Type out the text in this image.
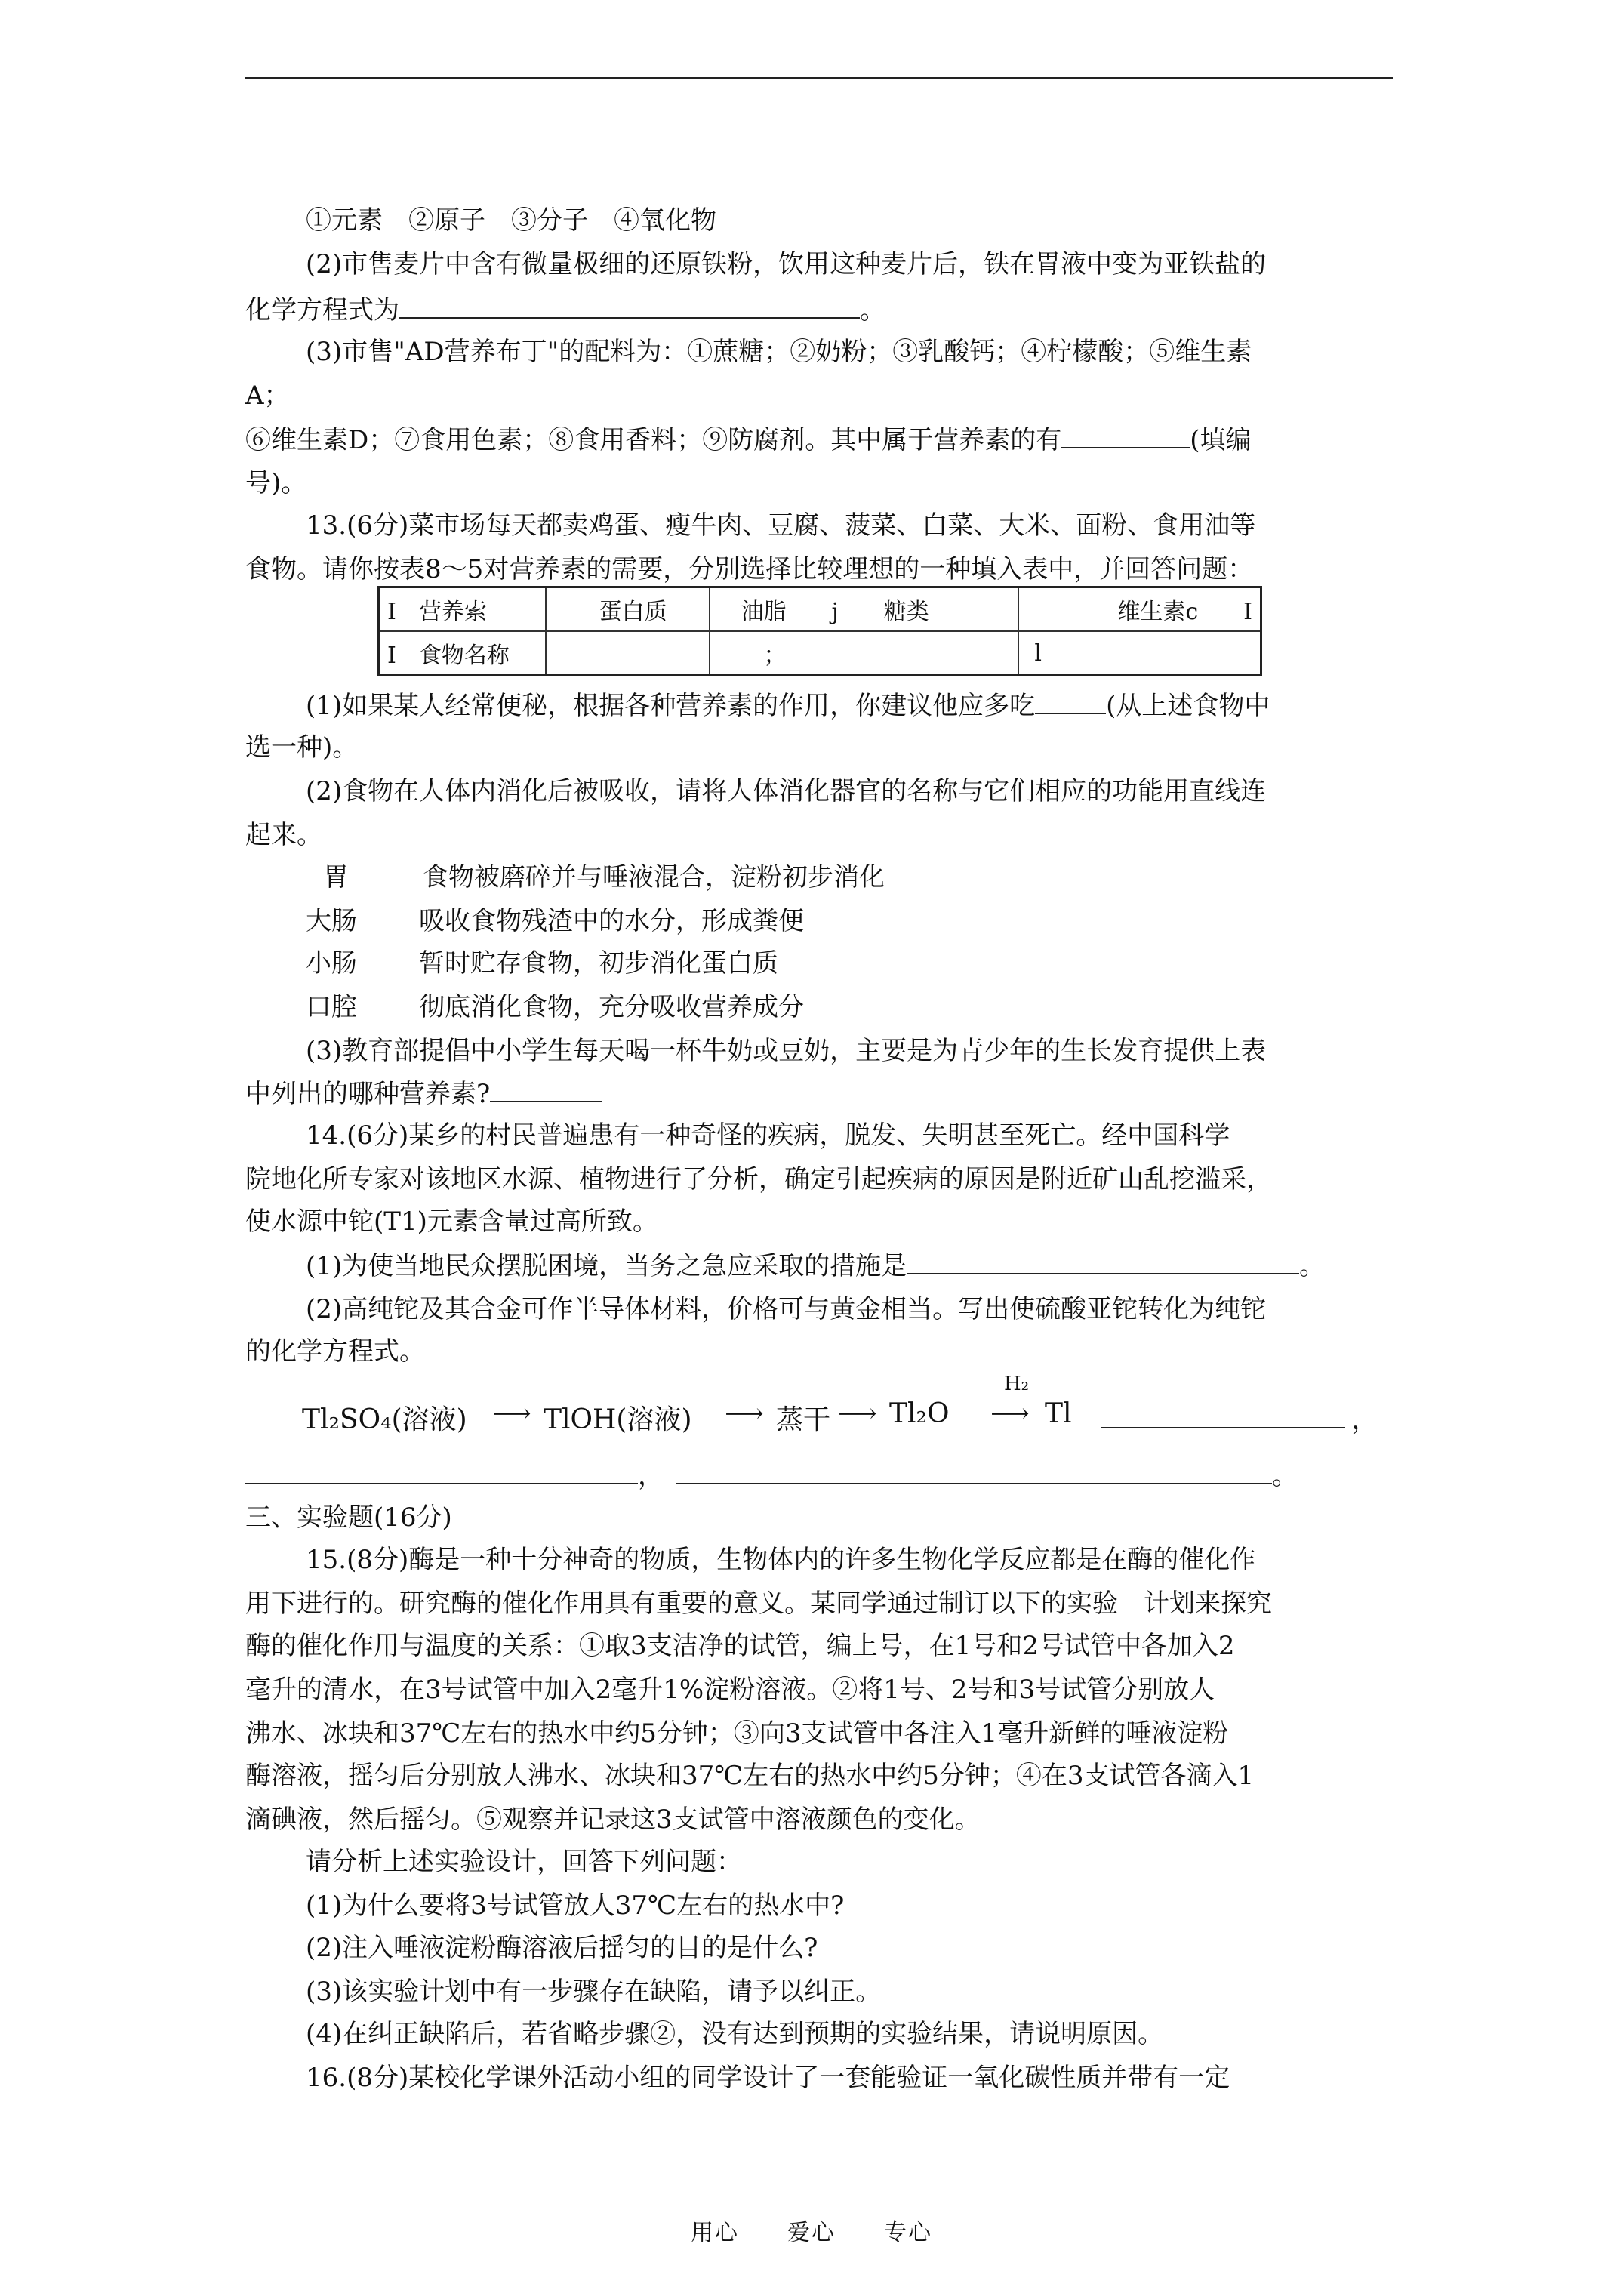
①元素　②原子　③分子　④氧化物
(2)市售麦片中含有微量极细的还原铁粉，饮用这种麦片后，铁在胃液中变为亚铁盐的
化学方程式为	。
(3)市售"AD营养布丁"的配料为：①蔗糖；②奶粉；③乳酸钙；④柠檬酸；⑤维生素
A；
⑥维生素D；⑦食用色素；⑧食用香料；⑨防腐剂。其中属于营养素的有	(填编
号)。
13.(6分)菜市场每天都卖鸡蛋、瘦牛肉、豆腐、菠菜、白菜、大米、面粉、食用油等
食物。请你按表8～5对营养素的需要，分别选择比较理想的一种填入表中，并回答问题：
I　营养索	蛋白质	油脂　　j　　糖类	维生素c　　I
I　食物名称		；	l
(1)如果某人经常便秘，根据各种营养素的作用，你建议他应多吃	(从上述食物中
选一种)。
(2)食物在人体内消化后被吸收，请将人体消化器官的名称与它们相应的功能用直线连
起来。
胃	食物被磨碎并与唾液混合，淀粉初步消化
大肠 吸收食物残渣中的水分，形成粪便
小肠 暂时贮存食物，初步消化蛋白质
口腔 彻底消化食物，充分吸收营养成分
(3)教育部提倡中小学生每天喝一杯牛奶或豆奶，主要是为青少年的生长发育提供上表
中列出的哪种营养素?
14.(6分)某乡的村民普遍患有一种奇怪的疾病，脱发、失明甚至死亡。经中国科学
院地化所专家对该地区水源、植物进行了分析，确定引起疾病的原因是附近矿山乱挖滥采，
使水源中铊(T1)元素含量过高所致。
(1)为使当地民众摆脱困境，当务之急应采取的措施是	。
(2)高纯铊及其合金可作半导体材料，价格可与黄金相当。写出使硫酸亚铊转化为纯铊
的化学方程式。
Tl₂SO₄(溶液) ⟶ TlOH(溶液) ⟶ 蒸干 ⟶ Tl₂O
H₂
⟶ Tl	，
，	。
三、实验题(16分)
15.(8分)酶是一种十分神奇的物质，生物体内的许多生物化学反应都是在酶的催化作
用下进行的。研究酶的催化作用具有重要的意义。某同学通过制订以下的实验　计划来探究
酶的催化作用与温度的关系：①取3支洁净的试管，编上号，在1号和2号试管中各加入2
毫升的清水，在3号试管中加入2毫升1%淀粉溶液。②将1号、2号和3号试管分别放人
沸水、冰块和37℃左右的热水中约5分钟；③向3支试管中各注入1毫升新鲜的唾液淀粉
酶溶液，摇匀后分别放人沸水、冰块和37℃左右的热水中约5分钟；④在3支试管各滴入1
滴碘液，然后摇匀。⑤观察并记录这3支试管中溶液颜色的变化。
请分析上述实验设计，回答下列问题：
(1)为什么要将3号试管放人37℃左右的热水中?
(2)注入唾液淀粉酶溶液后摇匀的目的是什么?
(3)该实验计划中有一步骤存在缺陷，请予以纠正。
(4)在纠正缺陷后，若省略步骤②，没有达到预期的实验结果，请说明原因。
16.(8分)某校化学课外活动小组的同学设计了一套能验证一氧化碳性质并带有一定
用心　　爱心　　专心
